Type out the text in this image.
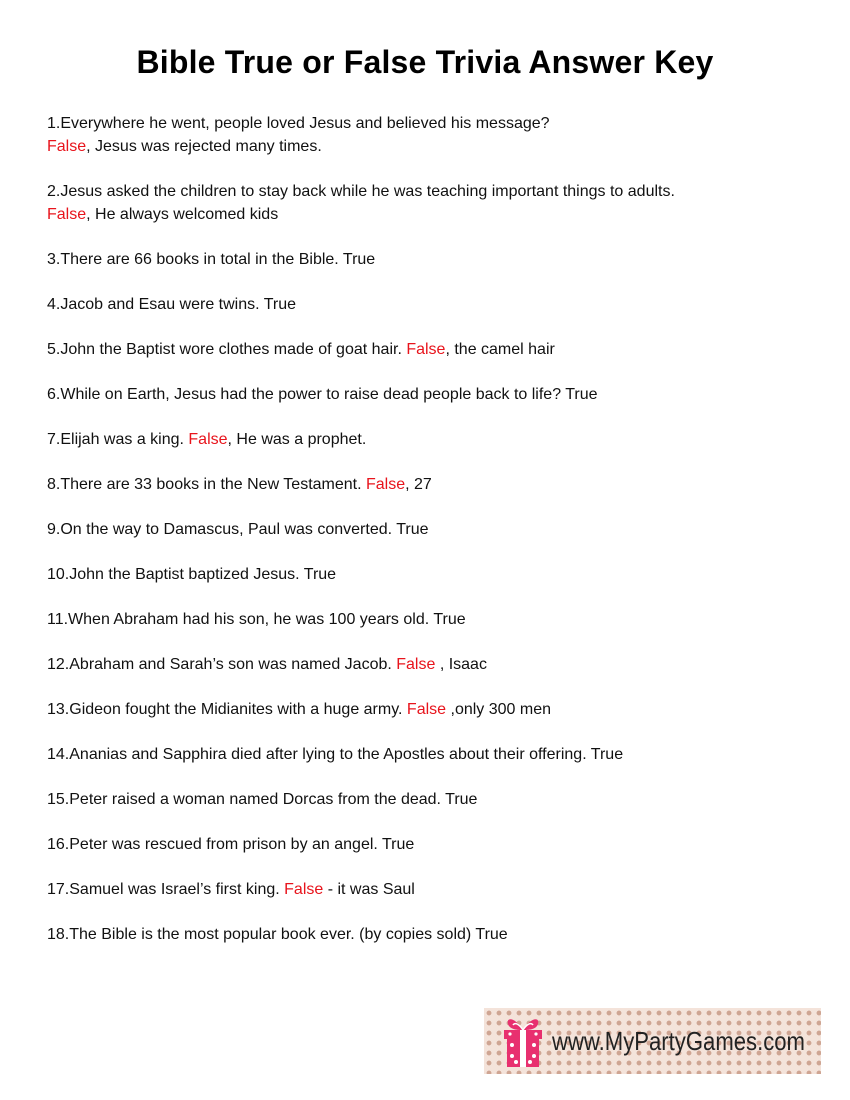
Bible True or False Trivia Answer Key
1.Everywhere he went, people loved Jesus and believed his message?
False, Jesus was rejected many times.
2.Jesus asked the children to stay back while he was teaching important things to adults.
False, He always welcomed kids
3.There are 66 books in total in the Bible. True
4.Jacob and Esau were twins. True
5.John the Baptist wore clothes made of goat hair. False, the camel hair
6.While on Earth, Jesus had the power to raise dead people back to life? True
7.Elijah was a king. False, He was a prophet.
8.There are 33 books in the New Testament. False, 27
9.On the way to Damascus, Paul was converted. True
10.John the Baptist baptized Jesus. True
11.When Abraham had his son, he was 100 years old. True
12.Abraham and Sarah’s son was named Jacob. False , Isaac
13.Gideon fought the Midianites with a huge army. False ,only 300 men
14.Ananias and Sapphira died after lying to the Apostles about their offering. True
15.Peter raised a woman named Dorcas from the dead. True
16.Peter was rescued from prison by an angel. True
17.Samuel was Israel’s first king. False - it was Saul
18.The Bible is the most popular book ever. (by copies sold) True
www.MyPartyGames.com
